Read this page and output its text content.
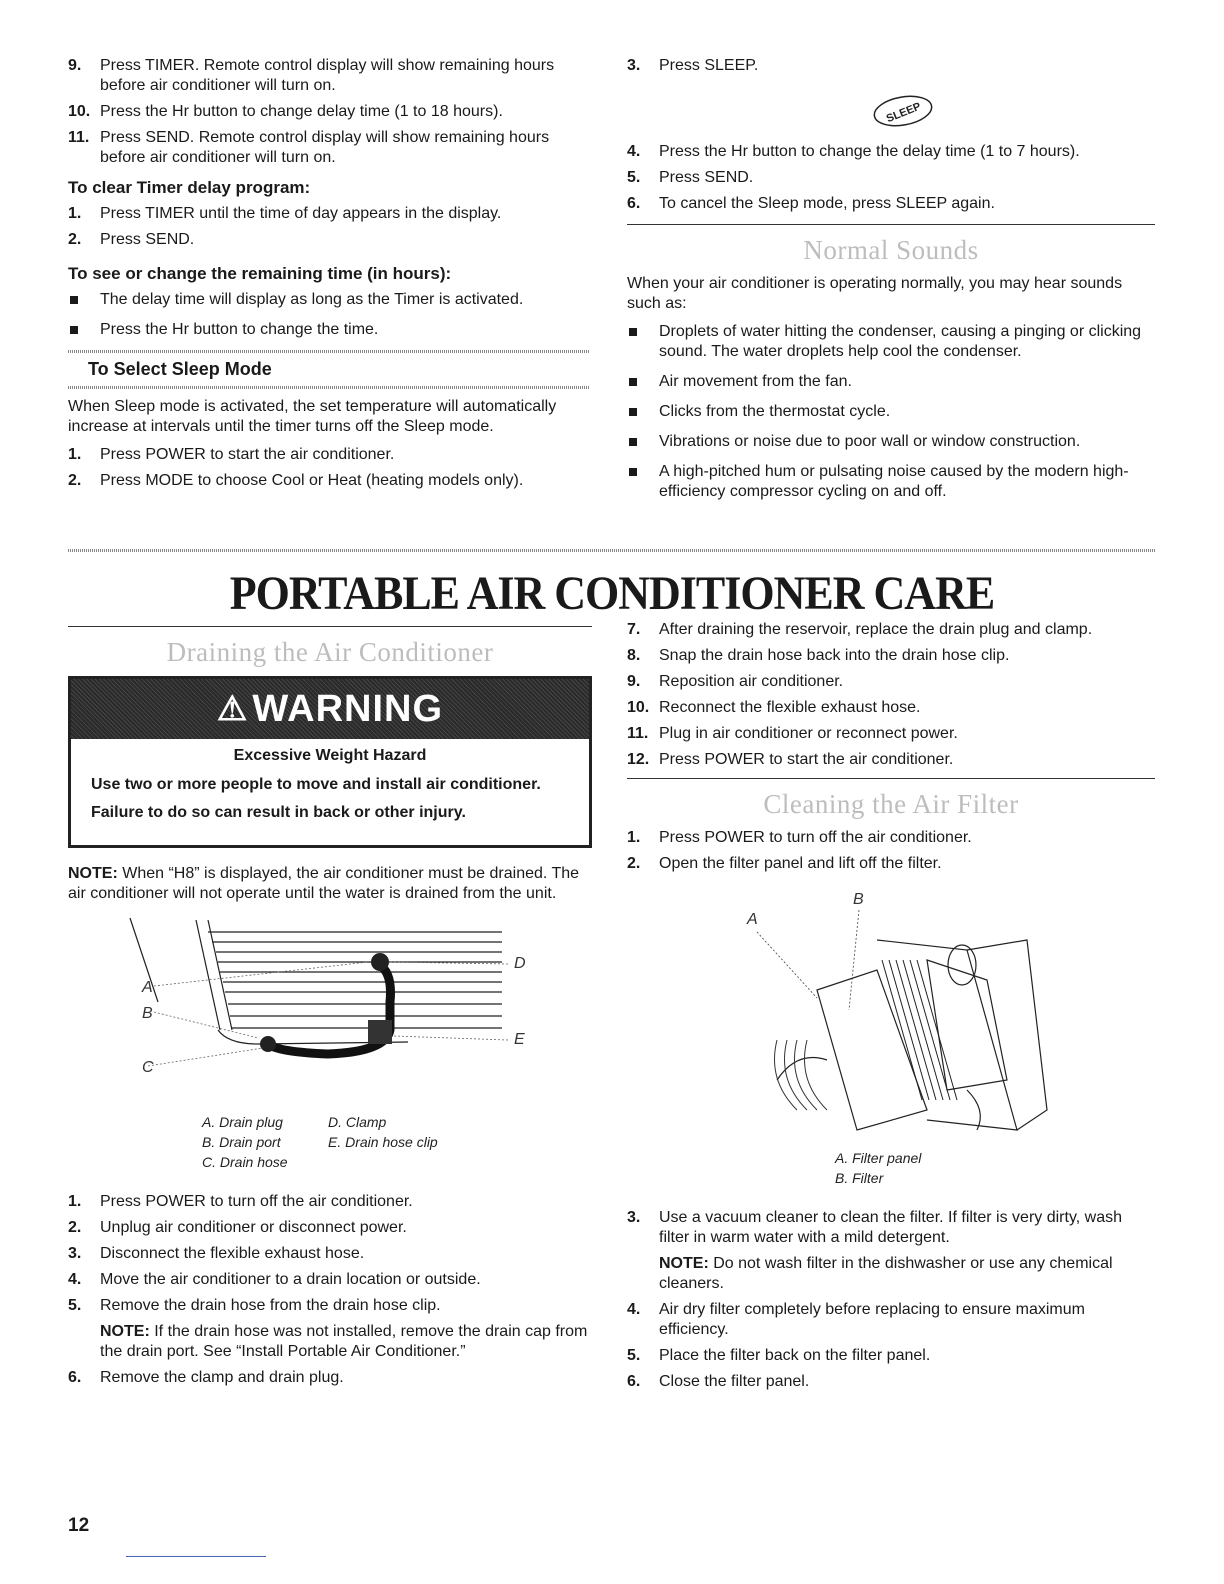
9. Press TIMER. Remote control display will show remaining hours before air conditioner will turn on.
10. Press the Hr button to change delay time (1 to 18 hours).
11. Press SEND. Remote control display will show remaining hours before air conditioner will turn on.
To clear Timer delay program:
1. Press TIMER until the time of day appears in the display.
2. Press SEND.
To see or change the remaining time (in hours):
The delay time will display as long as the Timer is activated.
Press the Hr button to change the time.
To Select Sleep Mode

When Sleep mode is activated, the set temperature will automatically increase at intervals until the timer turns off the Sleep mode.

1. Press POWER to start the air conditioner.
2. Press MODE to choose Cool or Heat (heating models only).
3. Press SLEEP.
SLEEP
4. Press the Hr button to change the delay time (1 to 7 hours).
5. Press SEND.
6. To cancel the Sleep mode, press SLEEP again.
Normal Sounds

When your air conditioner is operating normally, you may hear sounds such as:

Droplets of water hitting the condenser, causing a pinging or clicking sound. The water droplets help cool the condenser.
Air movement from the fan.
Clicks from the thermostat cycle.
Vibrations or noise due to poor wall or window construction.
A high-pitched hum or pulsating noise caused by the modern high-efficiency compressor cycling on and off.
PORTABLE AIR CONDITIONER CARE
Draining the Air Conditioner
⚠ WARNING
Excessive Weight Hazard
Use two or more people to move and install air conditioner.
Failure to do so can result in back or other injury.

NOTE: When “H8” is displayed, the air conditioner must be drained. The air conditioner will not operate until the water is drained from the unit.

A
B
C
D
E
A. Drain plug
B. Drain port
C. Drain hose
D. Clamp
E. Drain hose clip
1. Press POWER to turn off the air conditioner.
2. Unplug air conditioner or disconnect power.
3. Disconnect the flexible exhaust hose.
4. Move the air conditioner to a drain location or outside.
5. Remove the drain hose from the drain hose clip.
NOTE: If the drain hose was not installed, remove the drain cap from the drain port. See “Install Portable Air Conditioner.”
6. Remove the clamp and drain plug.
7. After draining the reservoir, replace the drain plug and clamp.
8. Snap the drain hose back into the drain hose clip.
9. Reposition air conditioner.
10. Reconnect the flexible exhaust hose.
11. Plug in air conditioner or reconnect power.
12. Press POWER to start the air conditioner.
Cleaning the Air Filter
1. Press POWER to turn off the air conditioner.
2. Open the filter panel and lift off the filter.
B
A
A. Filter panel
B. Filter
3. Use a vacuum cleaner to clean the filter. If filter is very dirty, wash filter in warm water with a mild detergent.
NOTE: Do not wash filter in the dishwasher or use any chemical cleaners.
4. Air dry filter completely before replacing to ensure maximum efficiency.
5. Place the filter back on the filter panel.
6. Close the filter panel.
12
